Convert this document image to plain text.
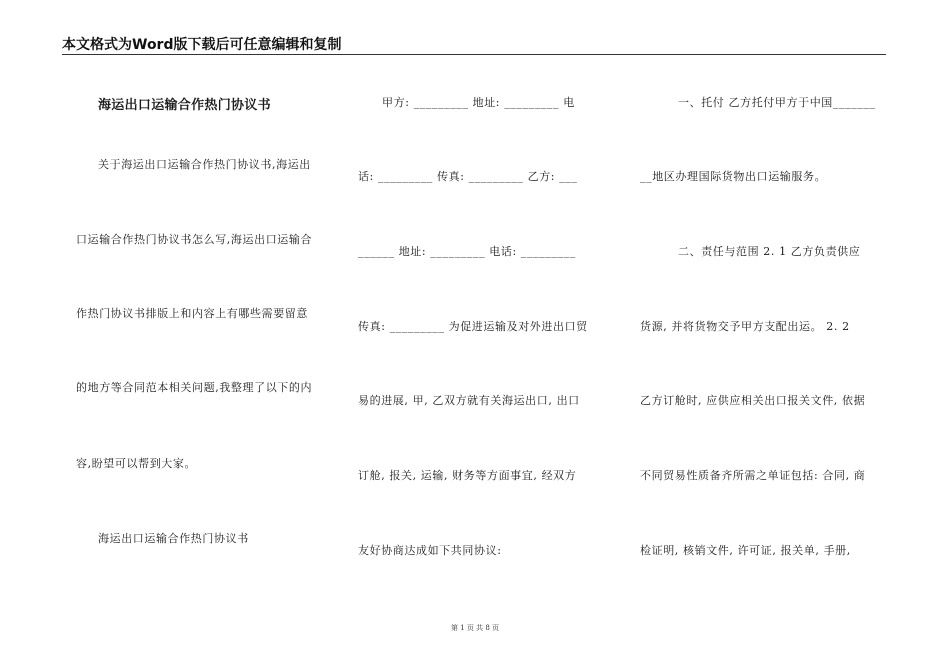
本文格式为Word版下载后可任意编辑和复制
海运出口运输合作热门协议书
关于海运出口运输合作热门协议书,海运出
口运输合作热门协议书怎么写,海运出口运输合
作热门协议书排版上和内容上有哪些需要留意
的地方等合同范本相关问题,我整理了以下的内
容,盼望可以帮到大家。
海运出口运输合作热门协议书
甲方: _________ 地址: _________ 电
话: _________ 传真: _________ 乙方: ___
______ 地址: _________ 电话: _________
传真: _________ 为促进运输及对外进出口贸
易的进展, 甲, 乙双方就有关海运出口, 出口
订舱, 报关, 运输, 财务等方面事宜, 经双方
友好协商达成如下共同协议:
一、托付 乙方托付甲方于中国_______
__地区办理国际货物出口运输服务。
二、责任与范围 2. 1 乙方负责供应
货源, 并将货物交予甲方支配出运。 2. 2
乙方订舱时, 应供应相关出口报关文件, 依据
不同贸易性质备齐所需之单证包括: 合同, 商
检证明, 核销文件, 许可证, 报关单, 手册,
第 1 页 共 8 页
